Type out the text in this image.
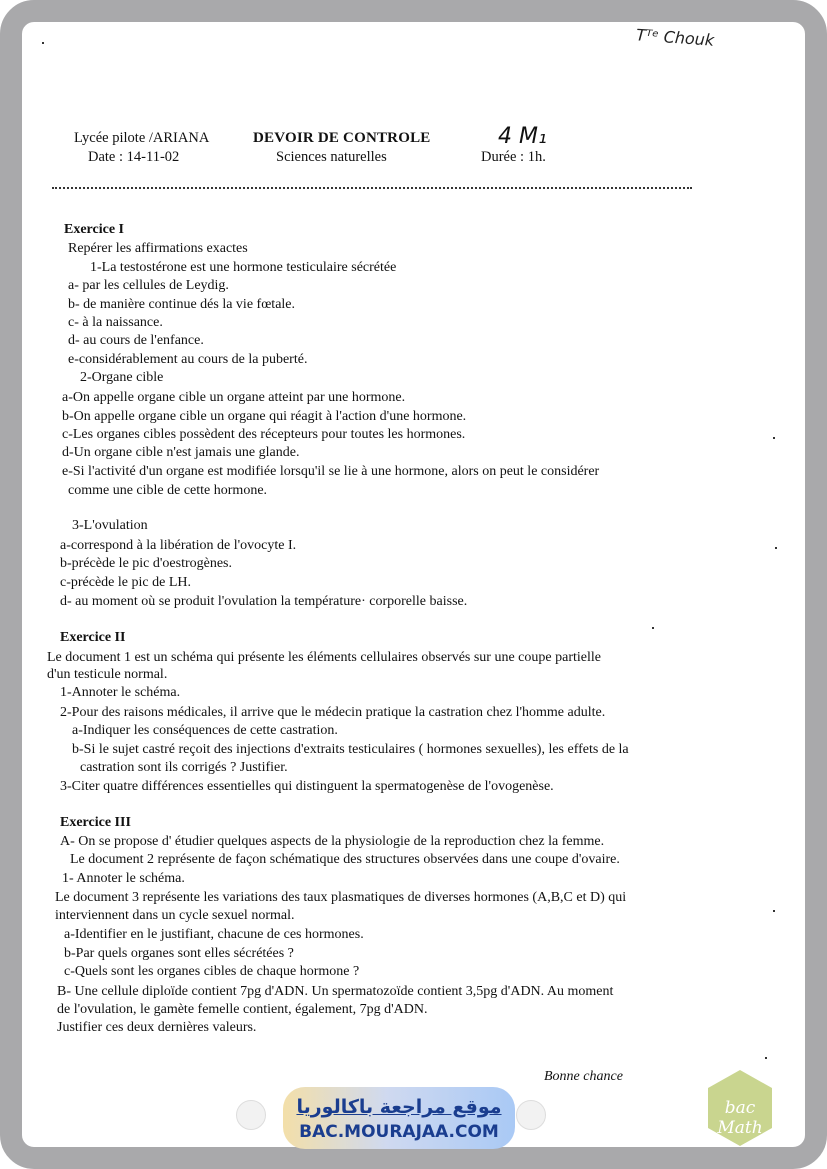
Tᵀᵉ Chouk
Lycée pilote /ARIANA
Date : 14-11-02
DEVOIR DE CONTROLE
Sciences naturelles
4 M₁
Durée : 1h.
Exercice I
Repérer les affirmations exactes
1-La testostérone est une hormone testiculaire sécrétée
a- par les cellules de Leydig.
b- de manière continue dés la vie fœtale.
c- à la naissance.
d- au cours de l'enfance.
e-considérablement au cours de la puberté.
2-Organe cible
a-On appelle organe cible un organe atteint par une hormone.
b-On appelle organe cible un organe qui réagit à l'action d'une hormone.
c-Les organes cibles possèdent des récepteurs pour toutes les hormones.
d-Un organe cible n'est jamais une glande.
e-Si l'activité d'un organe est modifiée lorsqu'il se lie à une hormone, alors on peut le considérer
comme une cible de cette hormone.
3-L'ovulation
a-correspond à la libération de l'ovocyte I.
b-précède le pic d'oestrogènes.
c-précède le pic de LH.
d- au moment où se produit l'ovulation la température· corporelle baisse.
Exercice II
Le document 1 est un schéma qui présente les éléments cellulaires observés sur une coupe partielle
d'un testicule normal.
1-Annoter le schéma.
2-Pour des raisons médicales, il arrive que le médecin pratique la castration chez l'homme adulte.
a-Indiquer les conséquences de cette castration.
b-Si le sujet castré reçoit des injections d'extraits testiculaires ( hormones sexuelles), les effets de la
castration sont ils corrigés ? Justifier.
3-Citer quatre différences essentielles qui distinguent la spermatogenèse de l'ovogenèse.
Exercice III
A- On se propose d' étudier quelques aspects de la physiologie de la reproduction chez la femme.
Le document 2 représente de façon schématique des structures observées dans une coupe d'ovaire.
1- Annoter le schéma.
Le document 3 représente les variations des taux plasmatiques de diverses hormones (A,B,C et D) qui
interviennent dans un cycle sexuel normal.
a-Identifier en le justifiant, chacune de ces hormones.
b-Par quels organes sont elles sécrétées ?
c-Quels sont les organes cibles de chaque hormone ?
B- Une cellule diploïde contient 7pg d'ADN. Un spermatozoïde contient 3,5pg d'ADN. Au moment
de l'ovulation, le gamète femelle contient, également, 7pg d'ADN.
Justifier ces deux dernières valeurs.
Bonne chance
موقع مراجعة باكالوريا
BAC.MOURAJAA.COM
bac Math
